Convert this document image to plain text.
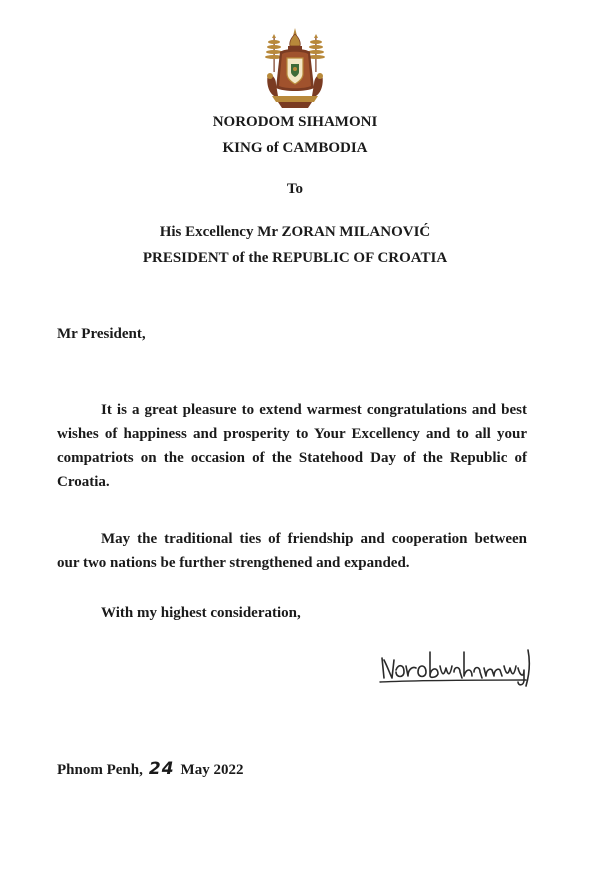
NORODOM SIHAMONI
KING of CAMBODIA
To
His Excellency Mr ZORAN MILANOVIĆ
PRESIDENT of the REPUBLIC OF CROATIA
Mr President,

It is a great pleasure to extend warmest congratulations and best wishes of happiness and prosperity to Your Excellency and to all your compatriots on the occasion of the Statehood Day of the Republic of Croatia.

May the traditional ties of friendship and cooperation between our two nations be further strengthened and expanded.

With my highest consideration,
Phnom Penh, 24 May 2022
